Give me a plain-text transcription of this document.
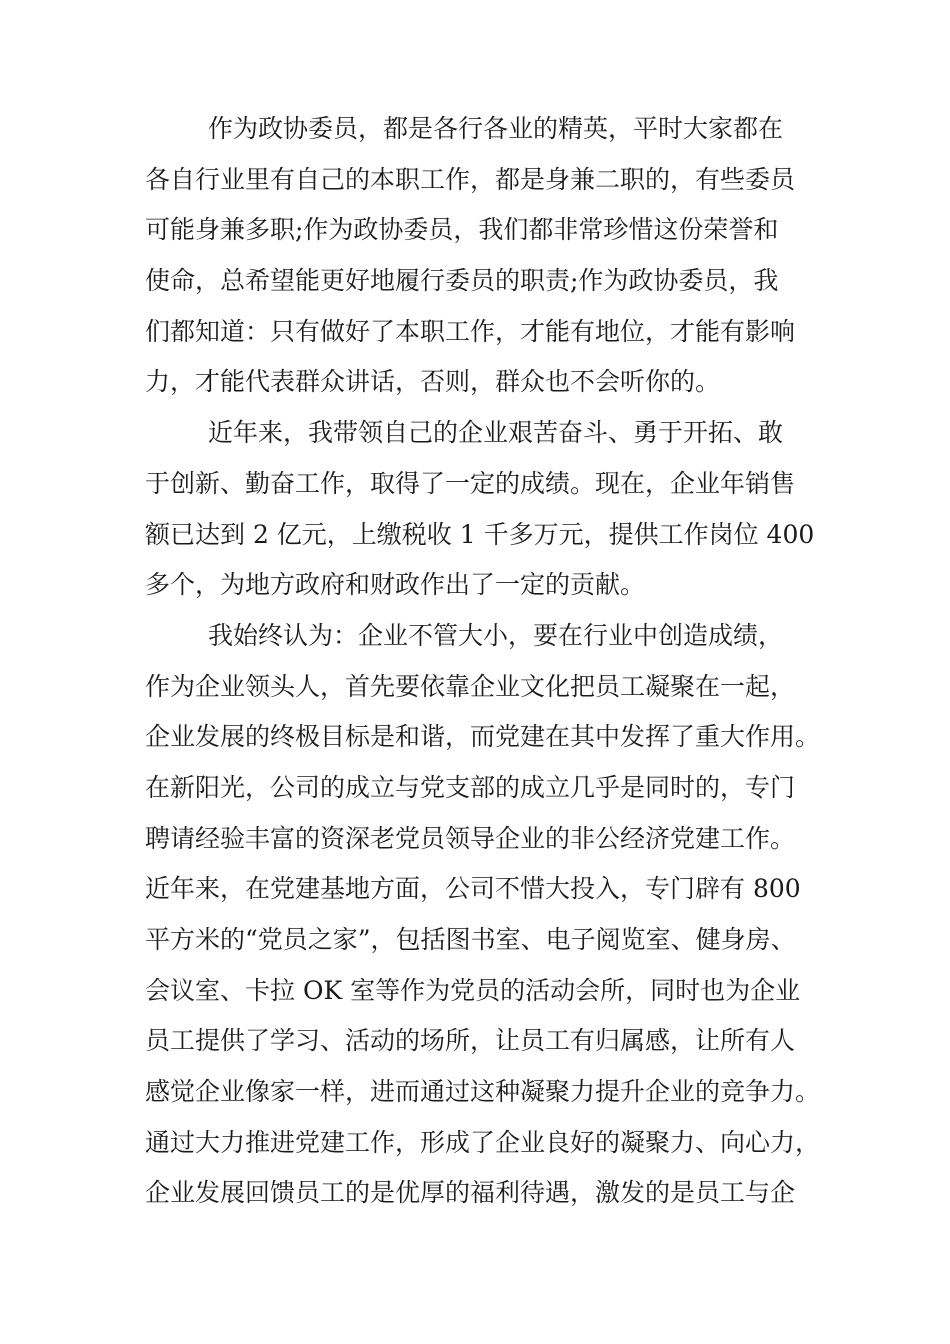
作为政协委员，都是各行各业的精英，平时大家都在
各自行业里有自己的本职工作，都是身兼二职的，有些委员
可能身兼多职;作为政协委员，我们都非常珍惜这份荣誉和
使命，总希望能更好地履行委员的职责;作为政协委员，我
们都知道：只有做好了本职工作，才能有地位，才能有影响
力，才能代表群众讲话，否则，群众也不会听你的。
近年来，我带领自己的企业艰苦奋斗、勇于开拓、敢
于创新、勤奋工作，取得了一定的成绩。现在，企业年销售
额已达到 2 亿元，上缴税收 1 千多万元，提供工作岗位 400
多个，为地方政府和财政作出了一定的贡献。
我始终认为：企业不管大小，要在行业中创造成绩，
作为企业领头人，首先要依靠企业文化把员工凝聚在一起，
企业发展的终极目标是和谐，而党建在其中发挥了重大作用。
在新阳光，公司的成立与党支部的成立几乎是同时的，专门
聘请经验丰富的资深老党员领导企业的非公经济党建工作。
近年来，在党建基地方面，公司不惜大投入，专门辟有 800
平方米的“党员之家”，包括图书室、电子阅览室、健身房、
会议室、卡拉 OK 室等作为党员的活动会所，同时也为企业
员工提供了学习、活动的场所，让员工有归属感，让所有人
感觉企业像家一样，进而通过这种凝聚力提升企业的竞争力。
通过大力推进党建工作，形成了企业良好的凝聚力、向心力，
企业发展回馈员工的是优厚的福利待遇，激发的是员工与企
